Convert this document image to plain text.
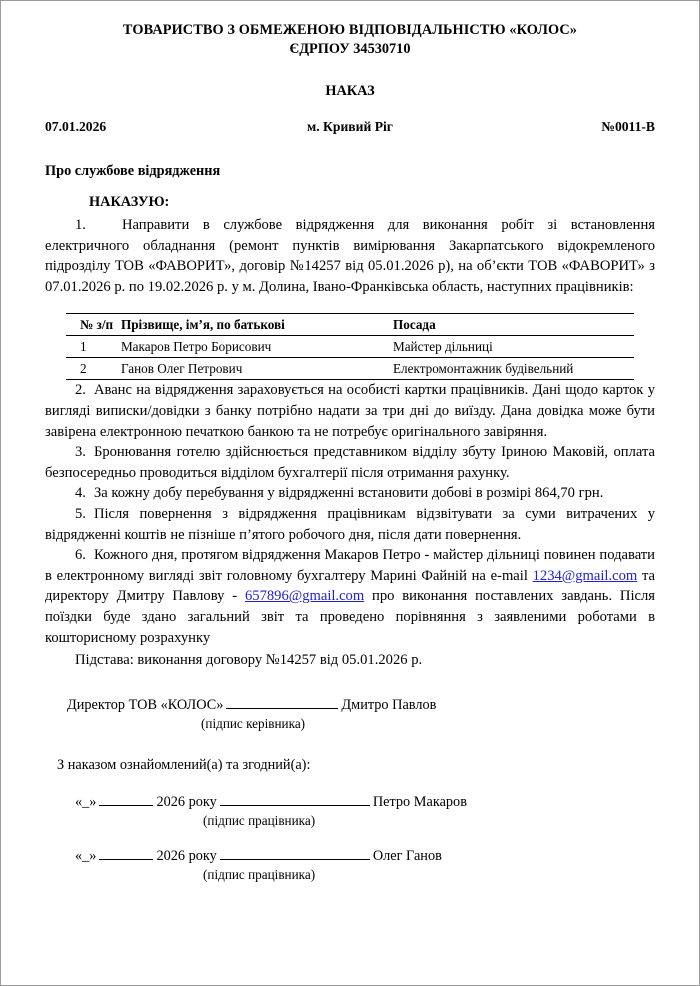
ТОВАРИСТВО З ОБМЕЖЕНОЮ ВІДПОВІДАЛЬНІСТЮ «КОЛОС»
ЄДРПОУ 34530710
НАКАЗ
07.01.2026	м. Кривий Ріг	№0011-В
Про службове відрядження
НАКАЗУЮ:

1. Направити в службове відрядження для виконання робіт зі встановлення електричного обладнання (ремонт пунктів вимірювання Закарпатського відокремленого підрозділу ТОВ «ФАВОРИТ», договір №14257 від 05.01.2026 р), на об’єкти ТОВ «ФАВОРИТ» з 07.01.2026 р. по 19.02.2026 р. у м. Долина, Івано-Франківська область, наступних працівників:

№ з/п	Прізвище, ім’я, по батькові	Посада
1	Макаров Петро Борисович	Майстер дільниці
2	Ганов Олег Петрович	Електромонтажник будівельний

2. Аванс на відрядження зараховується на особисті картки працівників. Дані щодо карток у вигляді виписки/довідки з банку потрібно надати за три дні до виїзду. Дана довідка може бути завірена електронною печаткою банкою та не потребує оригінального завіряння.

3. Бронювання готелю здійснюється представником відділу збуту Іриною Маковій, оплата безпосередньо проводиться відділом бухгалтерії після отримання рахунку.

4. За кожну добу перебування у відрядженні встановити добові в розмірі 864,70 грн.

5. Після повернення з відрядження працівникам відзвітувати за суми витрачених у відрядженні коштів не пізніше п’ятого робочого дня, після дати повернення.

6. Кожного дня, протягом відрядження Макаров Петро - майстер дільниці повинен подавати в електронному вигляді звіт головному бухгалтеру Марині Файній на e-mail 1234@gmail.com та директору Дмитру Павлову - 657896@gmail.com про виконання поставлених завдань. Після поїздки буде здано загальний звіт та проведено порівняння з заявленими роботами в кошторисному розрахунку

Підстава: виконання договору №14257 від 05.01.2026 р.
Директор ТОВ «КОЛОС»	Дмитро Павлов
(підпис керівника)
З наказом ознайомлений(а) та згодний(а):
«_»	2026 року	Петро Макаров
(підпис працівника)
«_»	2026 року	Олег Ганов
(підпис працівника)
